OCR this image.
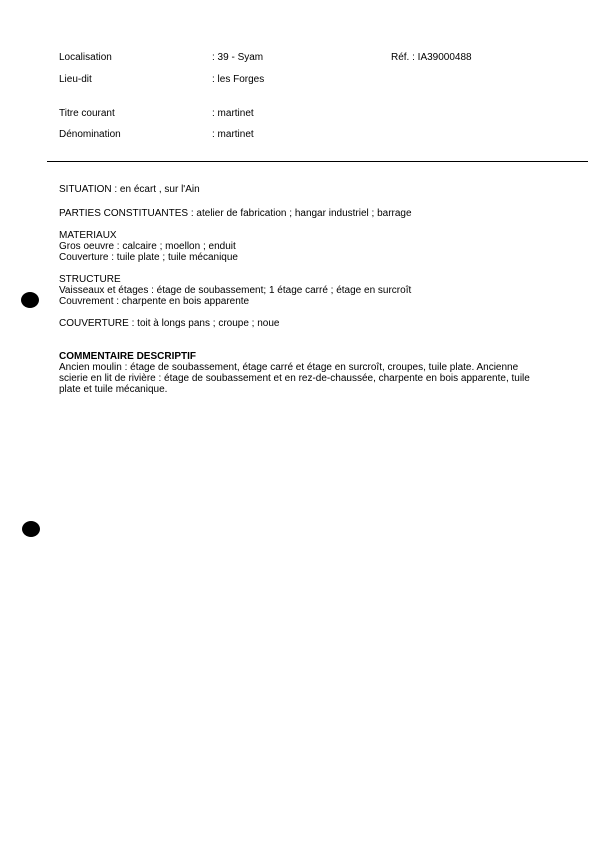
Localisation	: 39 - Syam	Réf. : IA39000488
Lieu-dit	: les Forges
Titre courant	: martinet
Dénomination	: martinet
SITUATION : en écart , sur l'Ain
PARTIES CONSTITUANTES : atelier de fabrication ; hangar industriel ; barrage
MATERIAUX
Gros oeuvre : calcaire ; moellon ; enduit
Couverture : tuile plate ; tuile mécanique
STRUCTURE
Vaisseaux et étages : étage de soubassement; 1 étage carré ; étage en surcroît
Couvrement : charpente en bois apparente
COUVERTURE : toit à longs pans ; croupe ; noue
COMMENTAIRE DESCRIPTIF
Ancien moulin : étage de soubassement, étage carré et étage en surcroît, croupes, tuile plate. Ancienne scierie en lit de rivière : étage de soubassement et en rez-de-chaussée, charpente en bois apparente, tuile plate et tuile mécanique.
